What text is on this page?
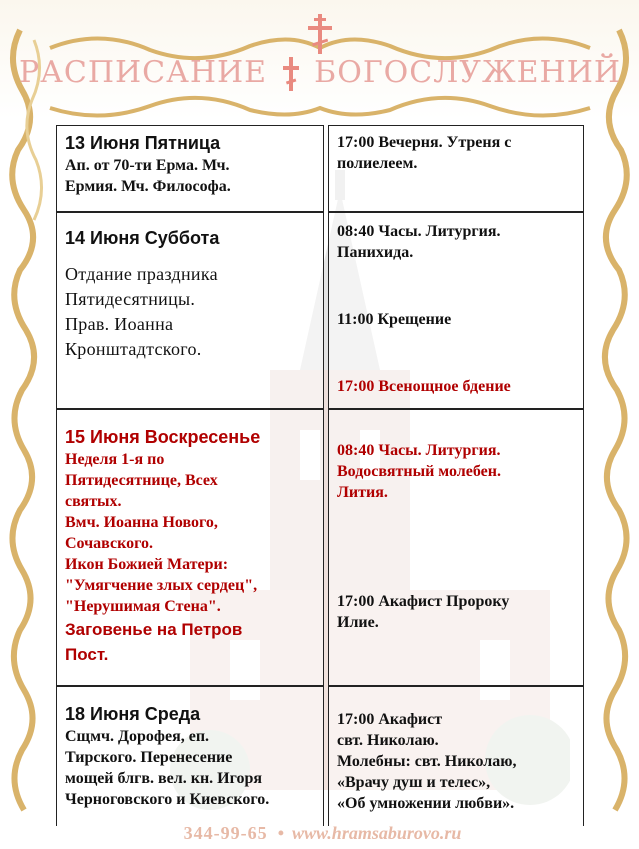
РАСПИСАНИЕ БОГОСЛУЖЕНИЙ
13 Июня Пятница
Ап. от 70-ти Ерма. Мч.
Ермия. Мч. Философа.
17:00 Вечерня. Утреня с
полиелеем.
14 Июня Суббота
Отдание праздника
Пятидесятницы.
Прав. Иоанна
Кронштадтского.
08:40 Часы. Литургия.
Панихида.
11:00 Крещение
17:00 Всенощное бдение
15 Июня Воскресенье
Неделя 1-я по
Пятидесятнице, Всех
святых.
Вмч. Иоанна Нового,
Сочавского.
Икон Божией Матери:
"Умягчение злых сердец",
"Нерушимая Стена".
Заговенье на Петров
Пост.
08:40 Часы. Литургия.
Водосвятный молебен.
Лития.
17:00 Акафист Пророку
Илие.
18 Июня Среда
Сщмч. Дорофея, еп.
Тирского. Перенесение
мощей блгв. вел. кн. Игоря
Черноговского и Киевского.
17:00 Акафист
свт. Николаю.
Молебны: свт. Николаю,
«Врачу душ и телес»,
«Об умножении любви».
344-99-65 • www.hramsaburovo.ru
